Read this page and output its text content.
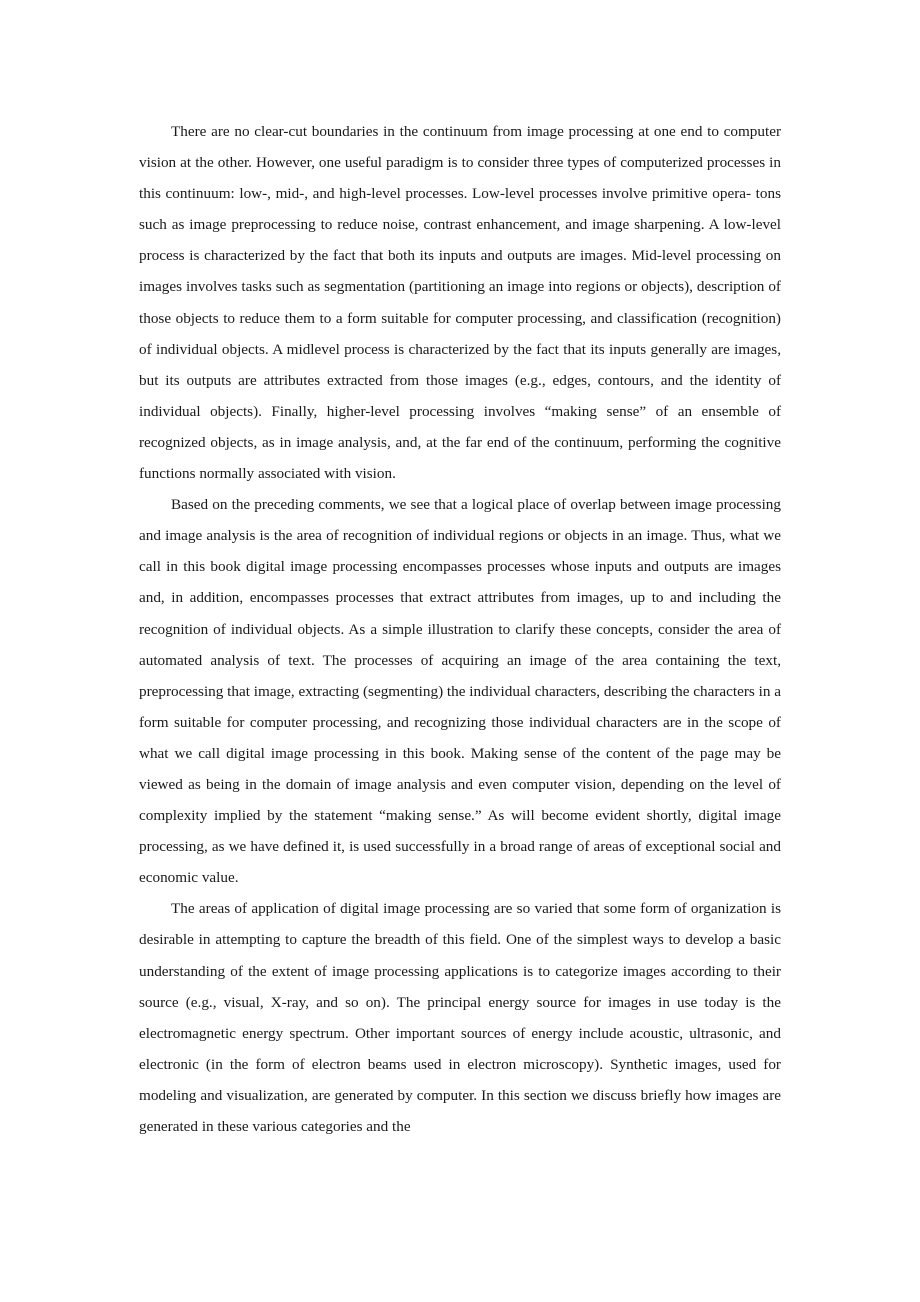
There are no clear-cut boundaries in the continuum from image processing at one end to computer vision at the other. However, one useful paradigm is to consider three types of computerized processes in this continuum: low-, mid-, and high-level processes. Low-level processes involve primitive opera- tons such as image preprocessing to reduce noise, contrast enhancement, and image sharpening. A low-level process is characterized by the fact that both its inputs and outputs are images. Mid-level processing on images involves tasks such as segmentation (partitioning an image into regions or objects), description of those objects to reduce them to a form suitable for computer processing, and classification (recognition) of individual objects. A midlevel process is characterized by the fact that its inputs generally are images, but its outputs are attributes extracted from those images (e.g., edges, contours, and the identity of individual objects). Finally, higher-level processing involves “making sense” of an ensemble of recognized objects, as in image analysis, and, at the far end of the continuum, performing the cognitive functions normally associated with vision.

Based on the preceding comments, we see that a logical place of overlap between image processing and image analysis is the area of recognition of individual regions or objects in an image. Thus, what we call in this book digital image processing encompasses processes whose inputs and outputs are images and, in addition, encompasses processes that extract attributes from images, up to and including the recognition of individual objects. As a simple illustration to clarify these concepts, consider the area of automated analysis of text. The processes of acquiring an image of the area containing the text, preprocessing that image, extracting (segmenting) the individual characters, describing the characters in a form suitable for computer processing, and recognizing those individual characters are in the scope of what we call digital image processing in this book. Making sense of the content of the page may be viewed as being in the domain of image analysis and even computer vision, depending on the level of complexity implied by the statement “making sense.” As will become evident shortly, digital image processing, as we have defined it, is used successfully in a broad range of areas of exceptional social and economic value.

The areas of application of digital image processing are so varied that some form of organization is desirable in attempting to capture the breadth of this field. One of the simplest ways to develop a basic understanding of the extent of image processing applications is to categorize images according to their source (e.g., visual, X-ray, and so on). The principal energy source for images in use today is the electromagnetic energy spectrum. Other important sources of energy include acoustic, ultrasonic, and electronic (in the form of electron beams used in electron microscopy). Synthetic images, used for modeling and visualization, are generated by computer. In this section we discuss briefly how images are generated in these various categories and the
